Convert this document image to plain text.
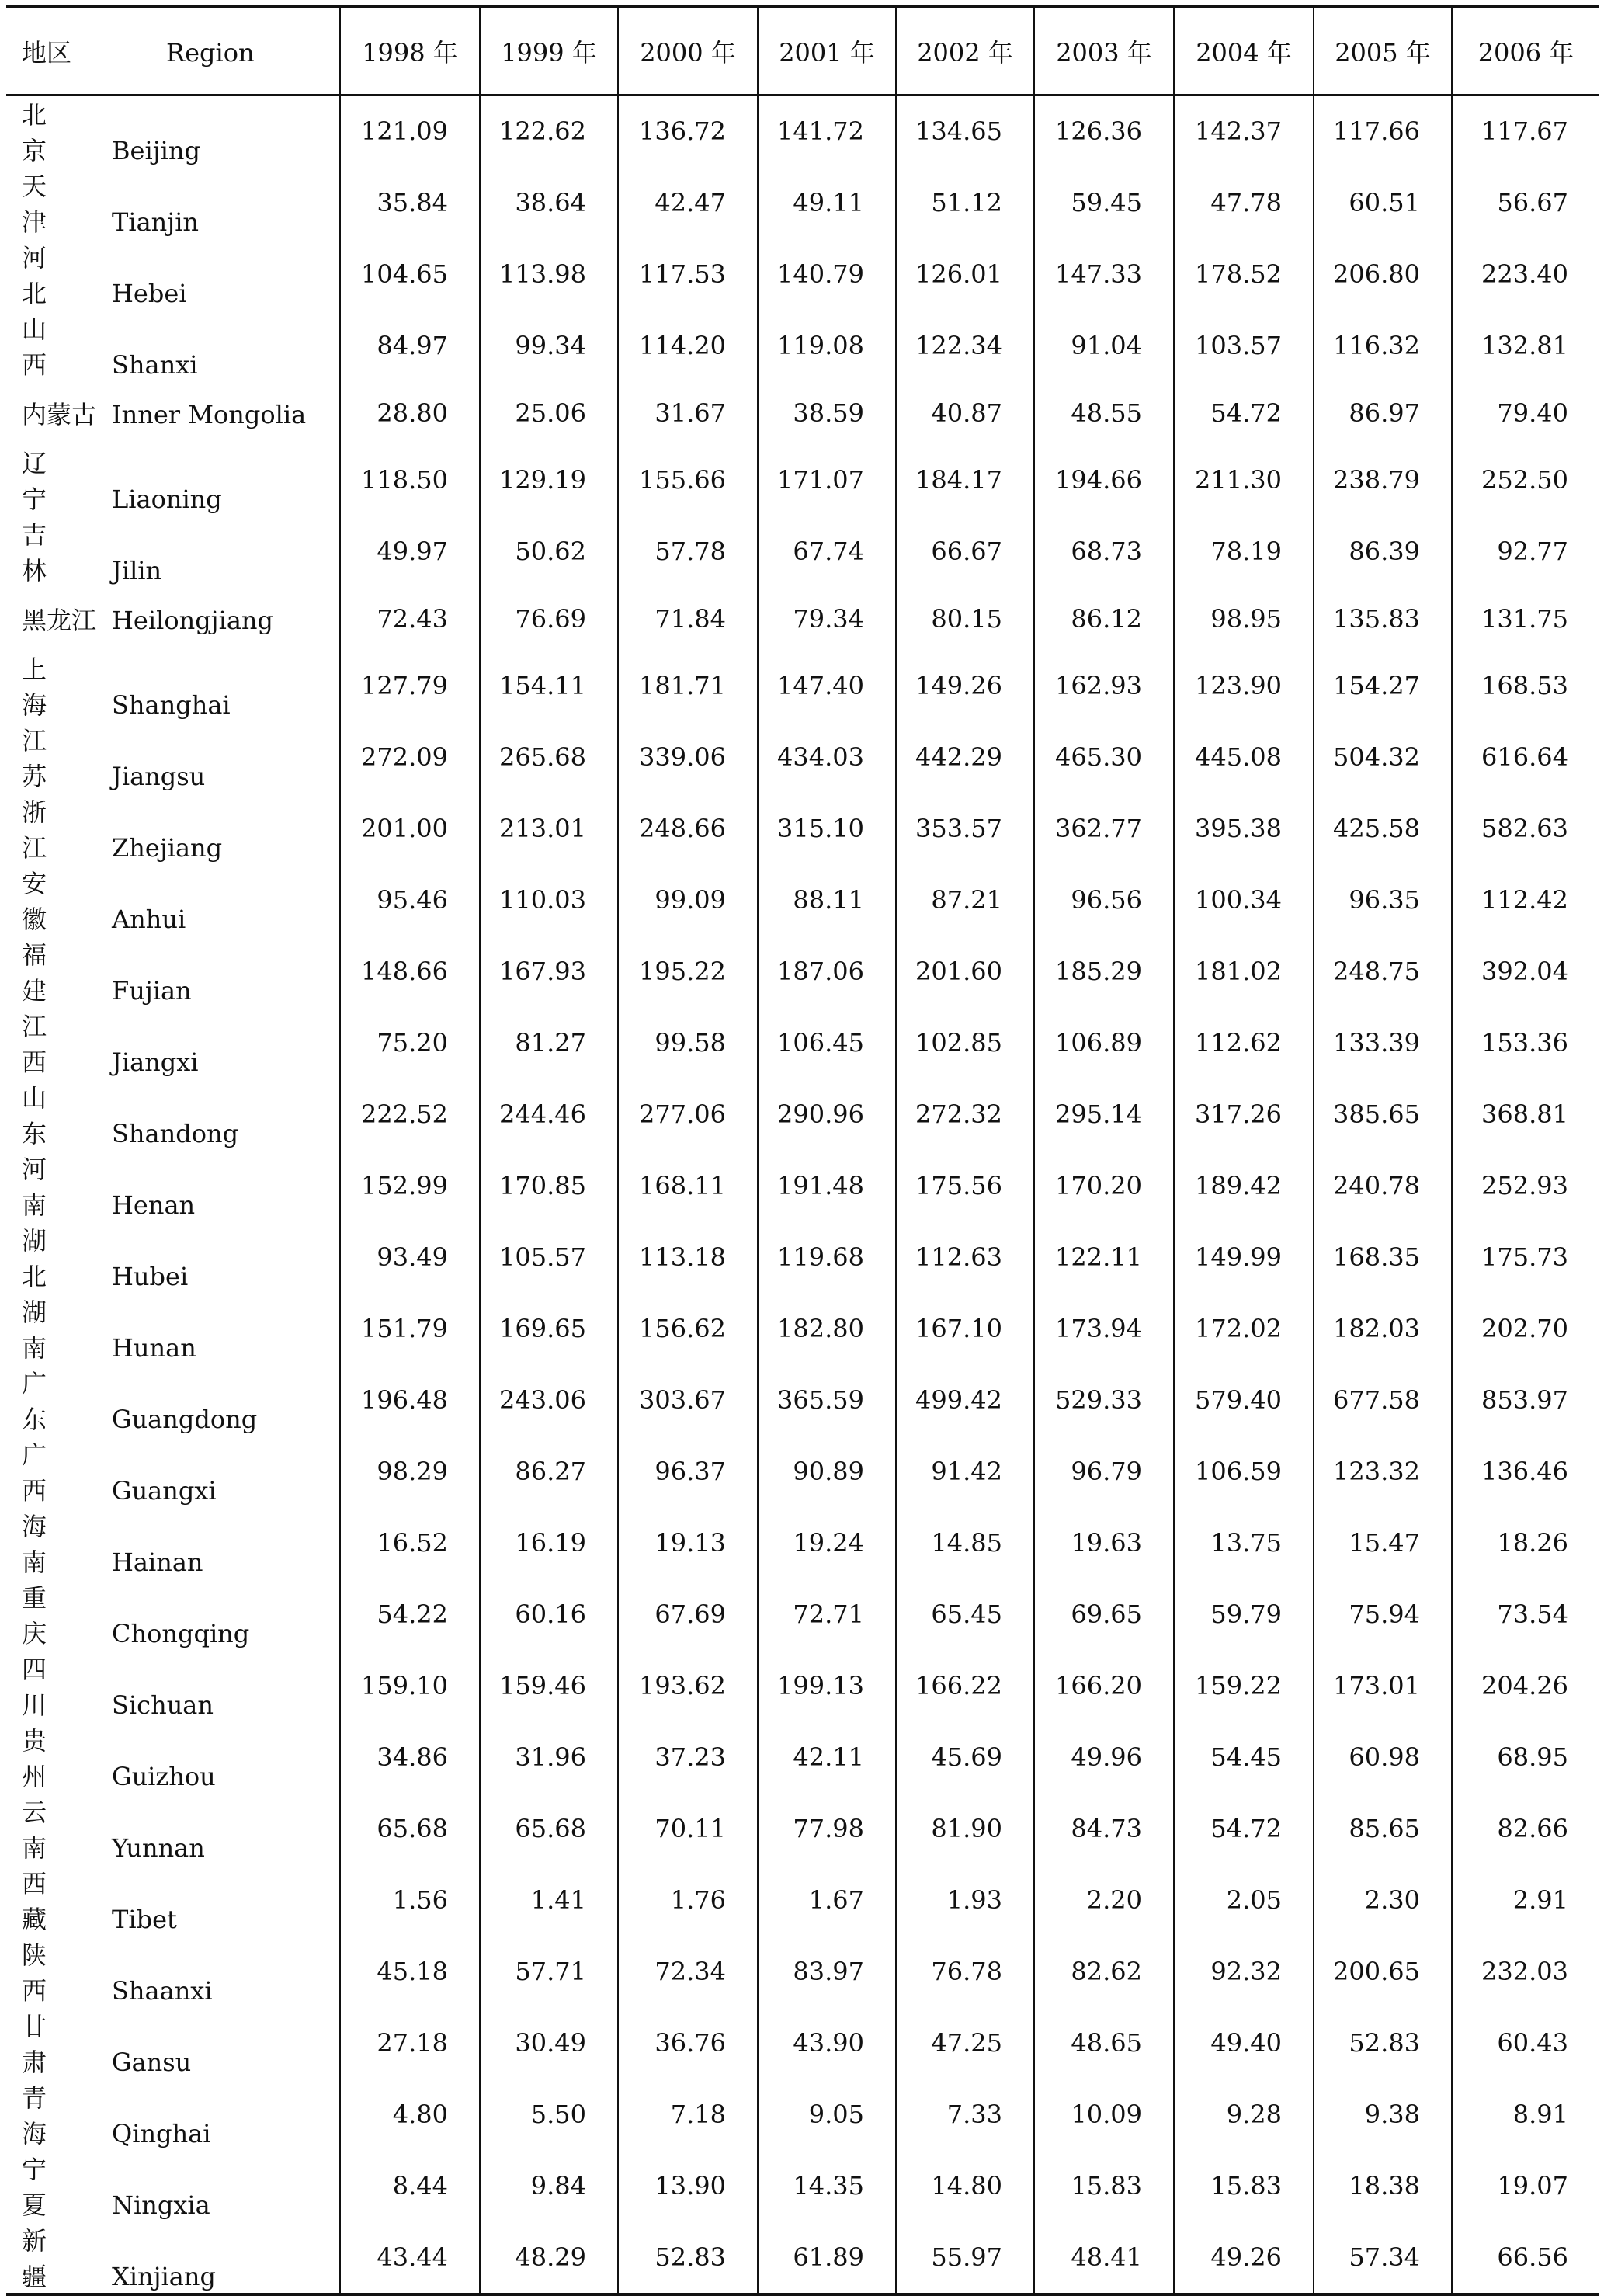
地区 Region	1998 年	1999 年	2000 年	2001 年	2002 年	2003 年	2004 年	2005 年	2006 年
北 京 Beijing	121.09	122.62	136.72	141.72	134.65	126.36	142.37	117.66	117.67
天 津 Tianjin	35.84	38.64	42.47	49.11	51.12	59.45	47.78	60.51	56.67
河 北 Hebei	104.65	113.98	117.53	140.79	126.01	147.33	178.52	206.80	223.40
山 西 Shanxi	84.97	99.34	114.20	119.08	122.34	91.04	103.57	116.32	132.81
内蒙古 Inner Mongolia	28.80	25.06	31.67	38.59	40.87	48.55	54.72	86.97	79.40
辽 宁 Liaoning	118.50	129.19	155.66	171.07	184.17	194.66	211.30	238.79	252.50
吉 林 Jilin	49.97	50.62	57.78	67.74	66.67	68.73	78.19	86.39	92.77
黑龙江 Heilongjiang	72.43	76.69	71.84	79.34	80.15	86.12	98.95	135.83	131.75
上 海 Shanghai	127.79	154.11	181.71	147.40	149.26	162.93	123.90	154.27	168.53
江 苏 Jiangsu	272.09	265.68	339.06	434.03	442.29	465.30	445.08	504.32	616.64
浙 江 Zhejiang	201.00	213.01	248.66	315.10	353.57	362.77	395.38	425.58	582.63
安 徽 Anhui	95.46	110.03	99.09	88.11	87.21	96.56	100.34	96.35	112.42
福 建 Fujian	148.66	167.93	195.22	187.06	201.60	185.29	181.02	248.75	392.04
江 西 Jiangxi	75.20	81.27	99.58	106.45	102.85	106.89	112.62	133.39	153.36
山 东 Shandong	222.52	244.46	277.06	290.96	272.32	295.14	317.26	385.65	368.81
河 南 Henan	152.99	170.85	168.11	191.48	175.56	170.20	189.42	240.78	252.93
湖 北 Hubei	93.49	105.57	113.18	119.68	112.63	122.11	149.99	168.35	175.73
湖 南 Hunan	151.79	169.65	156.62	182.80	167.10	173.94	172.02	182.03	202.70
广 东 Guangdong	196.48	243.06	303.67	365.59	499.42	529.33	579.40	677.58	853.97
广 西 Guangxi	98.29	86.27	96.37	90.89	91.42	96.79	106.59	123.32	136.46
海 南 Hainan	16.52	16.19	19.13	19.24	14.85	19.63	13.75	15.47	18.26
重 庆 Chongqing	54.22	60.16	67.69	72.71	65.45	69.65	59.79	75.94	73.54
四 川 Sichuan	159.10	159.46	193.62	199.13	166.22	166.20	159.22	173.01	204.26
贵 州 Guizhou	34.86	31.96	37.23	42.11	45.69	49.96	54.45	60.98	68.95
云 南 Yunnan	65.68	65.68	70.11	77.98	81.90	84.73	54.72	85.65	82.66
西 藏 Tibet	1.56	1.41	1.76	1.67	1.93	2.20	2.05	2.30	2.91
陕 西 Shaanxi	45.18	57.71	72.34	83.97	76.78	82.62	92.32	200.65	232.03
甘 肃 Gansu	27.18	30.49	36.76	43.90	47.25	48.65	49.40	52.83	60.43
青 海 Qinghai	4.80	5.50	7.18	9.05	7.33	10.09	9.28	9.38	8.91
宁 夏 Ningxia	8.44	9.84	13.90	14.35	14.80	15.83	15.83	18.38	19.07
新 疆 Xinjiang	43.44	48.29	52.83	61.89	55.97	48.41	49.26	57.34	66.56
